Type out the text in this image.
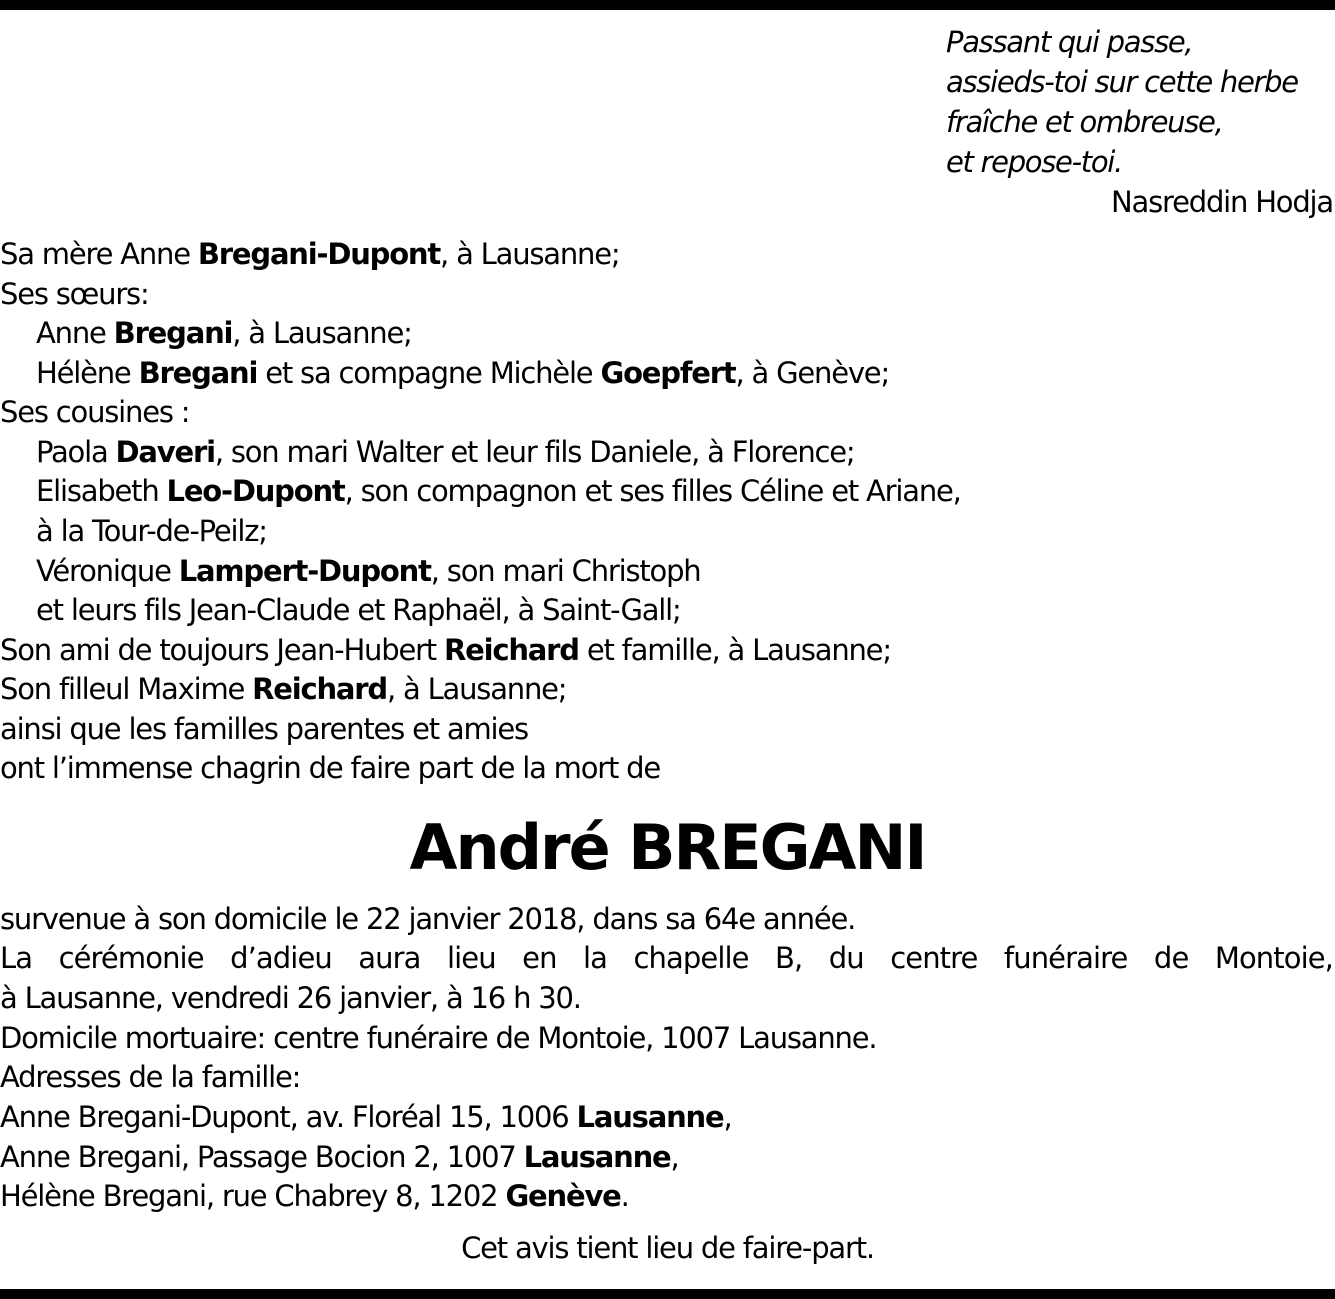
Passant qui passe,
assieds-toi sur cette herbe
fraîche et ombreuse,
et repose-toi.
Nasreddin Hodja
Sa mère Anne Bregani-Dupont, à Lausanne;
Ses sœurs:
Anne Bregani, à Lausanne;
Hélène Bregani et sa compagne Michèle Goepfert, à Genève;
Ses cousines :
Paola Daveri, son mari Walter et leur fils Daniele, à Florence;
Elisabeth Leo-Dupont, son compagnon et ses filles Céline et Ariane,
à la Tour-de-Peilz;
Véronique Lampert-Dupont, son mari Christoph
et leurs fils Jean-Claude et Raphaël, à Saint-Gall;
Son ami de toujours Jean-Hubert Reichard et famille, à Lausanne;
Son filleul Maxime Reichard, à Lausanne;
ainsi que les familles parentes et amies
ont l’immense chagrin de faire part de la mort de
André BREGANI
survenue à son domicile le 22 janvier 2018, dans sa 64e année.
La cérémonie d’adieu aura lieu en la chapelle B, du centre funéraire de Montoie,
à Lausanne, vendredi 26 janvier, à 16 h 30.
Domicile mortuaire: centre funéraire de Montoie, 1007 Lausanne.
Adresses de la famille:
Anne Bregani-Dupont, av. Floréal 15, 1006 Lausanne,
Anne Bregani, Passage Bocion 2, 1007 Lausanne,
Hélène Bregani, rue Chabrey 8, 1202 Genève.
Cet avis tient lieu de faire-part.
